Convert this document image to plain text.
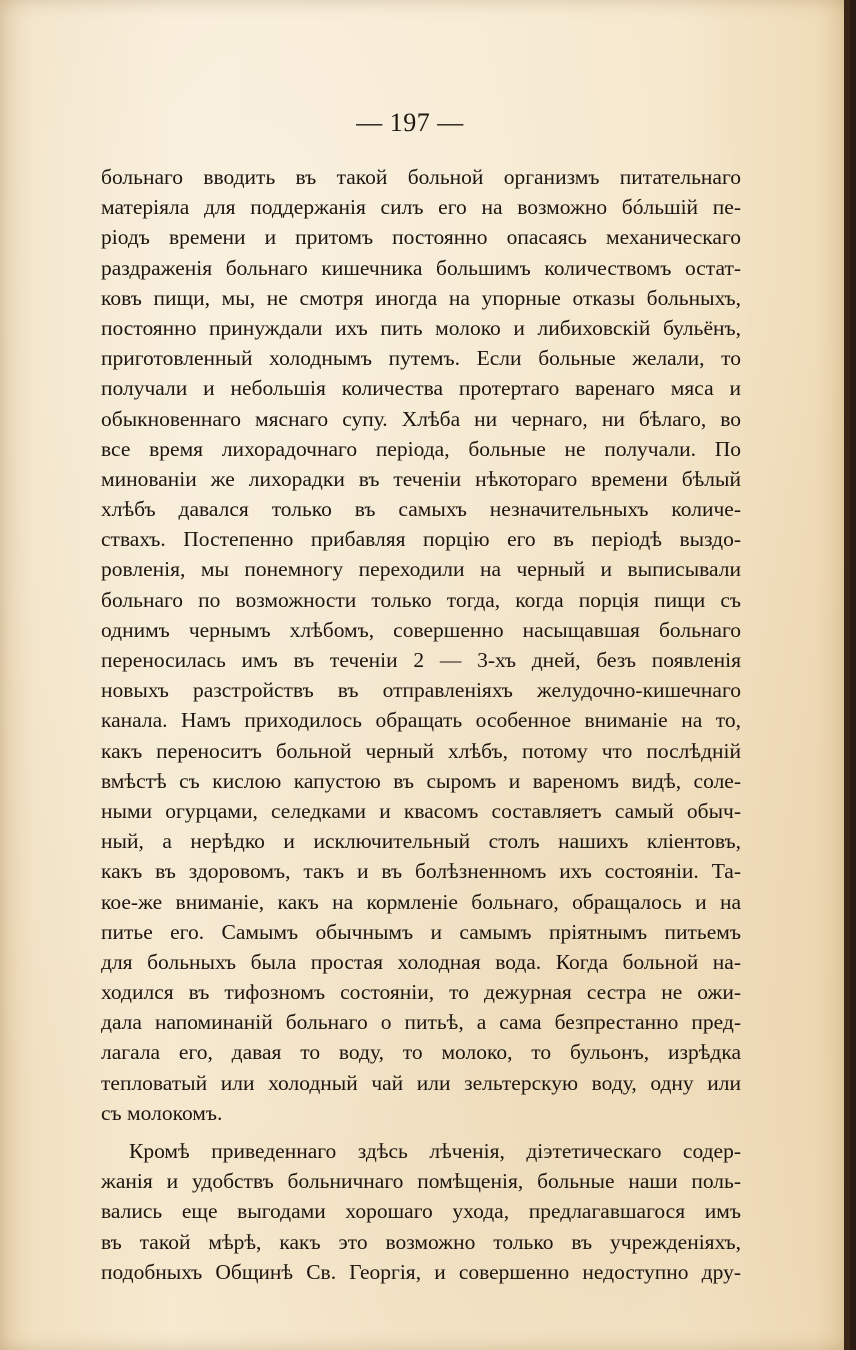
— 197 —
больнаго вводить въ такой больной организмъ питательнаго
матеріяла для поддержанія силъ его на возможно бóльшій пе-
ріодъ времени и притомъ постоянно опасаясь механическаго
раздраженія больнаго кишечника большимъ количествомъ остат-
ковъ пищи, мы, не смотря иногда на упорные отказы больныхъ,
постоянно принуждали ихъ пить молоко и либиховскій бульёнъ,
приготовленный холоднымъ путемъ. Если больные желали, то
получали и небольшія количества протертаго варенаго мяса и
обыкновеннаго мяснаго супу. Хлѣба ни чернаго, ни бѣлаго, во
все время лихорадочнаго періода, больные не получали. По
минованіи же лихорадки въ теченіи нѣкотораго времени бѣлый
хлѣбъ давался только въ самыхъ незначительныхъ количе-
ствахъ. Постепенно прибавляя порцію его въ періодѣ выздо-
ровленія, мы понемногу переходили на черный и выписывали
больнаго по возможности только тогда, когда порція пищи съ
однимъ чернымъ хлѣбомъ, совершенно насыщавшая больнаго
переносилась имъ въ теченіи 2 — 3-хъ дней, безъ появленія
новыхъ разстройствъ въ отправленіяхъ желудочно-кишечнаго
канала. Намъ приходилось обращать особенное вниманіе на то,
какъ переноситъ больной черный хлѣбъ, потому что послѣдній
вмѣстѣ съ кислою капустою въ сыромъ и вареномъ видѣ, соле-
ными огурцами, селедками и квасомъ составляетъ самый обыч-
ный, а нерѣдко и исключительный столъ нашихъ кліентовъ,
какъ въ здоровомъ, такъ и въ болѣзненномъ ихъ состояніи. Та-
кое-же вниманіе, какъ на кормленіе больнаго, обращалось и на
питье его. Самымъ обычнымъ и самымъ пріятнымъ питьемъ
для больныхъ была простая холодная вода. Когда больной на-
ходился въ тифозномъ состояніи, то дежурная сестра не ожи-
дала напоминаній больнаго о питьѣ, а сама безпрестанно пред-
лагала его, давая то воду, то молоко, то бульонъ, изрѣдка
тепловатый или холодный чай или зельтерскую воду, одну или
съ молокомъ.
Кромѣ приведеннаго здѣсь лѣченія, діэтетическаго содер-
жанія и удобствъ больничнаго помѣщенія, больные наши поль-
вались еще выгодами хорошаго ухода, предлагавшагося имъ
въ такой мѣрѣ, какъ это возможно только въ учрежденіяхъ,
подобныхъ Общинѣ Св. Георгія, и совершенно недоступно дру-
